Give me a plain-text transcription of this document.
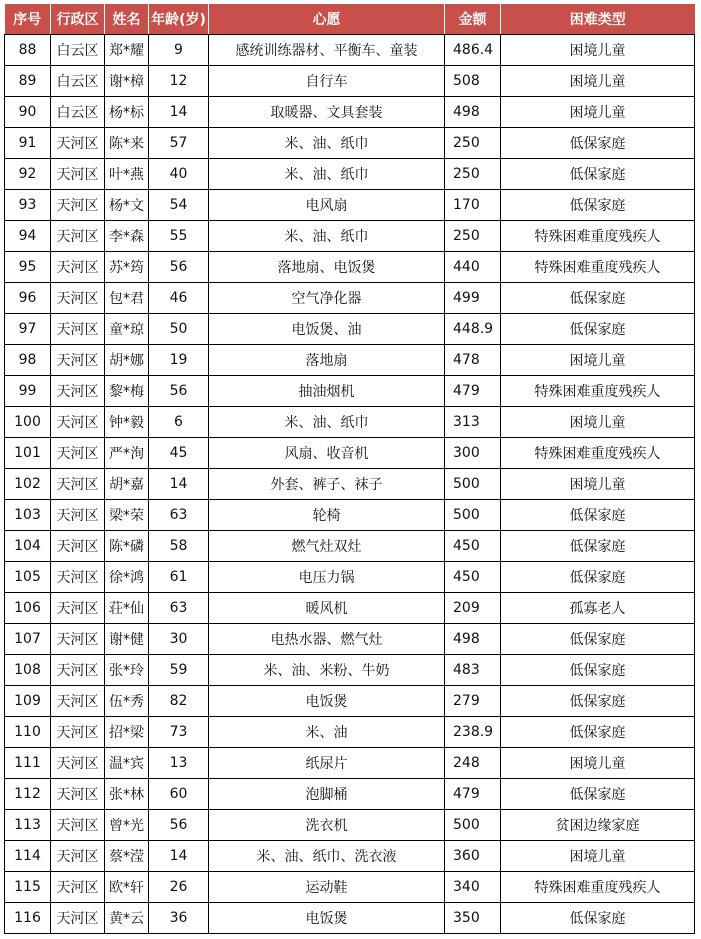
序号	行政区	姓名	年龄(岁)	心愿	金额	困难类型
88	白云区	郑*耀	9	感统训练器材、平衡车、童装	486.4	困境儿童
89	白云区	谢*樟	12	自行车	508	困境儿童
90	白云区	杨*标	14	取暖器、文具套装	498	困境儿童
91	天河区	陈*来	57	米、油、纸巾	250	低保家庭
92	天河区	叶*燕	40	米、油、纸巾	250	低保家庭
93	天河区	杨*文	54	电风扇	170	低保家庭
94	天河区	李*森	55	米、油、纸巾	250	特殊困难重度残疾人
95	天河区	苏*筠	56	落地扇、电饭煲	440	特殊困难重度残疾人
96	天河区	包*君	46	空气净化器	499	低保家庭
97	天河区	童*琼	50	电饭煲、油	448.9	低保家庭
98	天河区	胡*娜	19	落地扇	478	困境儿童
99	天河区	黎*梅	56	抽油烟机	479	特殊困难重度残疾人
100	天河区	钟*毅	6	米、油、纸巾	313	困境儿童
101	天河区	严*洵	45	风扇、收音机	300	特殊困难重度残疾人
102	天河区	胡*嘉	14	外套、裤子、袜子	500	困境儿童
103	天河区	梁*荣	63	轮椅	500	低保家庭
104	天河区	陈*磷	58	燃气灶双灶	450	低保家庭
105	天河区	徐*鸿	61	电压力锅	450	低保家庭
106	天河区	荘*仙	63	暖风机	209	孤寡老人
107	天河区	谢*健	30	电热水器、燃气灶	498	低保家庭
108	天河区	张*玲	59	米、油、米粉、牛奶	483	低保家庭
109	天河区	伍*秀	82	电饭煲	279	低保家庭
110	天河区	招*梁	73	米、油	238.9	低保家庭
111	天河区	温*宾	13	纸尿片	248	困境儿童
112	天河区	张*林	60	泡脚桶	479	低保家庭
113	天河区	曾*光	56	洗衣机	500	贫困边缘家庭
114	天河区	蔡*滢	14	米、油、纸巾、洗衣液	360	困境儿童
115	天河区	欧*轩	26	运动鞋	340	特殊困难重度残疾人
116	天河区	黄*云	36	电饭煲	350	低保家庭
